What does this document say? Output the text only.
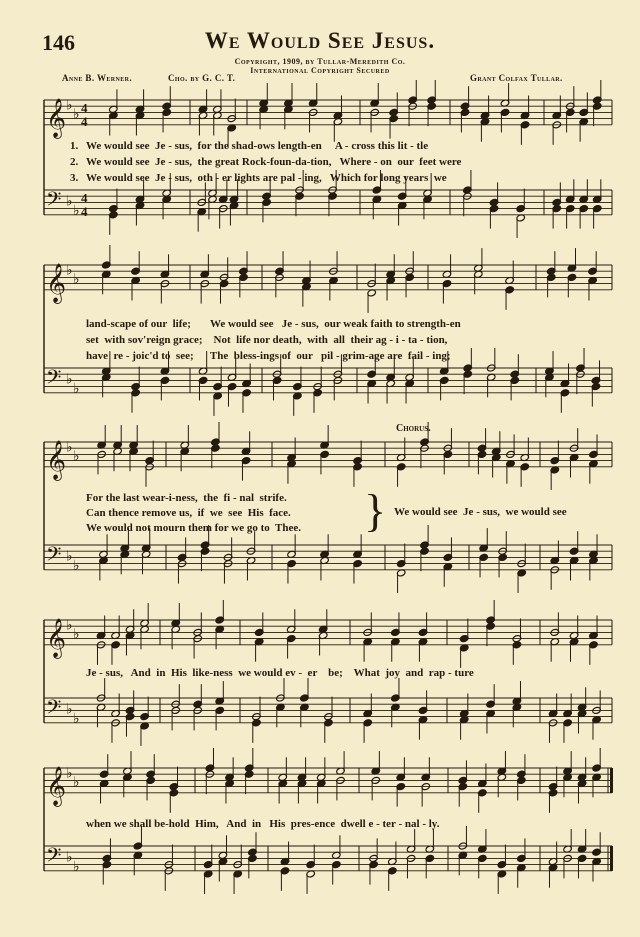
146	We Would See Jesus.
Copyright, 1909, by Tullar-Meredith Co.
International Copyright Secured
Anne B. Werner.	Cho. by G. C. T.	Grant Colfax Tullar.
𝄞 ♭
♭ 4
4
𝄢 ♭
♭
4
4
𝄞 ♭
♭
𝄢 ♭
♭
𝄞 ♭
♭
𝄢 ♭
♭
𝄞 ♭
♭
𝄢 ♭
♭
𝄞 ♭
♭
𝄢 ♭
♭
1. We would see  Je - sus,  for the shad-ows length-en     A - cross this lit - tle
2. We would see  Je - sus,  the great Rock-foun-da-tion,   Where - on  our  feet were
3. We would see  Je - sus,  oth - er lights are pal - ing,   Which for long years  we
land-scape of our  life;       We would see   Je - sus,  our weak faith to strength-en
set  with sov'reign grace;    Not  life nor death,  with  all  their ag - i - ta - tion,
have  re - joic'd to  see;      The  bless-ings of  our   pil - grim-age are  fail - ing;
Chorus.
For the last wear-i-ness,  the  fi - nal  strife.
Can thence remove us,  if  we  see  His  face.
We would not mourn them for we go to  Thee.	} We would see  Je - sus,  we would see
Je - sus,   And  in  His  like-ness  we would ev -  er    be;    What  joy  and  rap - ture
when we shall be-hold  Him,   And  in   His  pres-ence  dwell e - ter - nal - ly.
